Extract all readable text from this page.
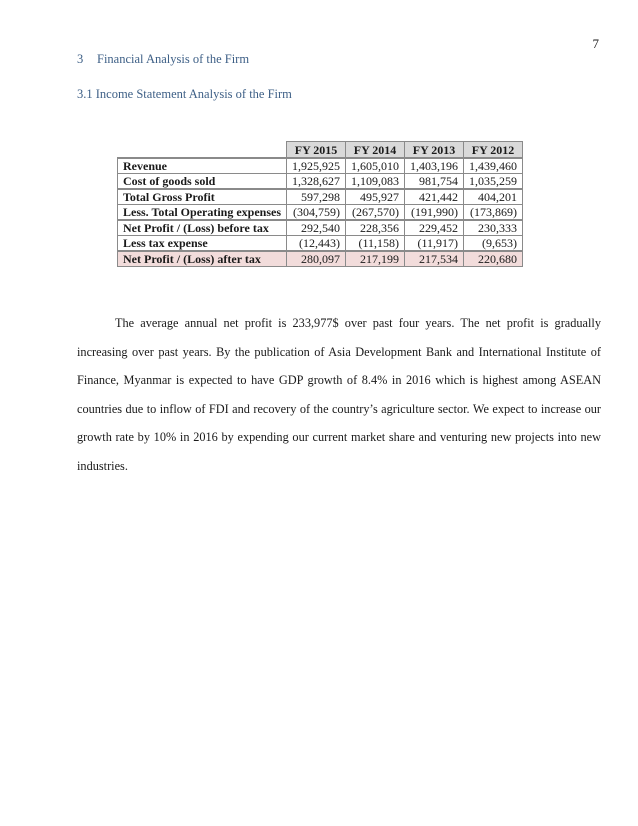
7
3 Financial Analysis of the Firm
3.1 Income Statement Analysis of the Firm
	FY 2015	FY 2014	FY 2013	FY 2012
Revenue	1,925,925	1,605,010	1,403,196	1,439,460
Cost of goods sold	1,328,627	1,109,083	981,754	1,035,259
Total Gross Profit	597,298	495,927	421,442	404,201
Less. Total Operating expenses	(304,759)	(267,570)	(191,990)	(173,869)
Net Profit / (Loss) before tax	292,540	228,356	229,452	230,333
Less tax expense	(12,443)	(11,158)	(11,917)	(9,653)
Net Profit / (Loss) after tax	280,097	217,199	217,534	220,680

The average annual net profit is 233,977$ over past four years. The net profit is gradually increasing over past years. By the publication of Asia Development Bank and International Institute of Finance, Myanmar is expected to have GDP growth of 8.4% in 2016 which is highest among ASEAN countries due to inflow of FDI and recovery of the country’s agriculture sector. We expect to increase our growth rate by 10% in 2016 by expending our current market share and venturing new projects into new industries.
